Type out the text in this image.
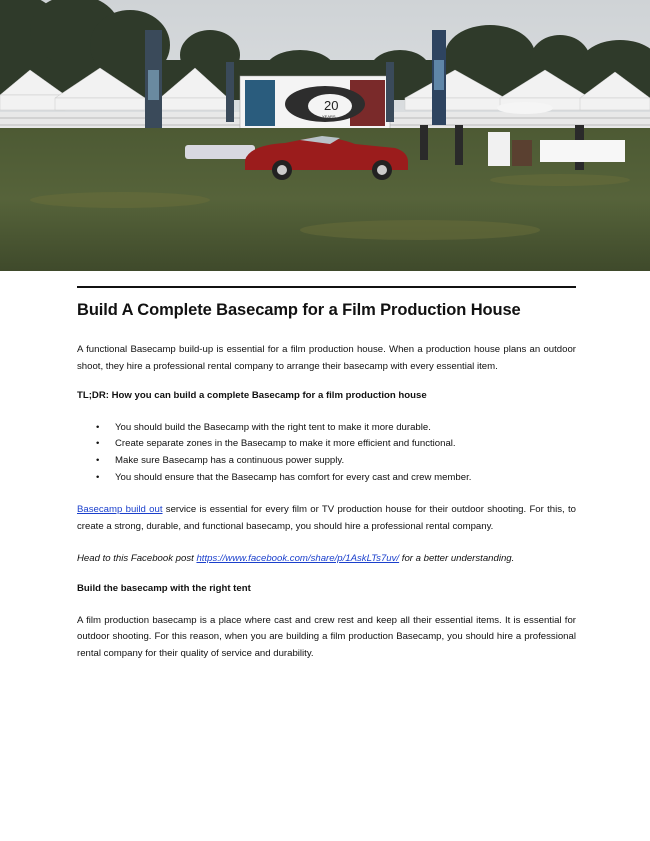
20
YEARS
Build A Complete Basecamp for a Film Production House

A functional Basecamp build-up is essential for a film production house. When a production house plans an outdoor shoot, they hire a professional rental company to arrange their basecamp with every essential item.

TL;DR: How you can build a complete Basecamp for a film production house

• You should build the Basecamp with the right tent to make it more durable.
• Create separate zones in the Basecamp to make it more efficient and functional.
• Make sure Basecamp has a continuous power supply.
• You should ensure that the Basecamp has comfort for every cast and crew member.

Basecamp build out service is essential for every film or TV production house for their outdoor shooting. For this, to create a strong, durable, and functional basecamp, you should hire a professional rental company.

Head to this Facebook post https://www.facebook.com/share/p/1AskLTs7uv/ for a better understanding.

Build the basecamp with the right tent

A film production basecamp is a place where cast and crew rest and keep all their essential items. It is essential for outdoor shooting. For this reason, when you are building a film production Basecamp, you should hire a professional rental company for their quality of service and durability.
